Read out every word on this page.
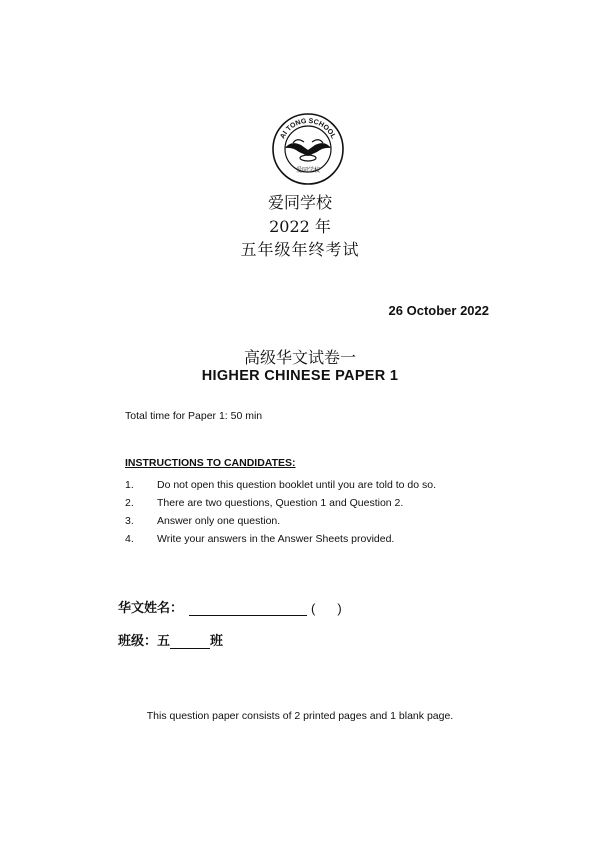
AI TONG SCHOOL
爱同学校
爱同学校
2022 年
五年级年终考试
26 October 2022
高级华文试卷一
HIGHER CHINESE PAPER 1
Total time for Paper 1: 50 min
INSTRUCTIONS TO CANDIDATES:
1.	Do not open this question booklet until you are told to do so.
2.	There are two questions, Question 1 and Question 2.
3.	Answer only one question.
4.	Write your answers in the Answer Sheets provided.
华文姓名：	( )
班级：五	班
This question paper consists of 2 printed pages and 1 blank page.
